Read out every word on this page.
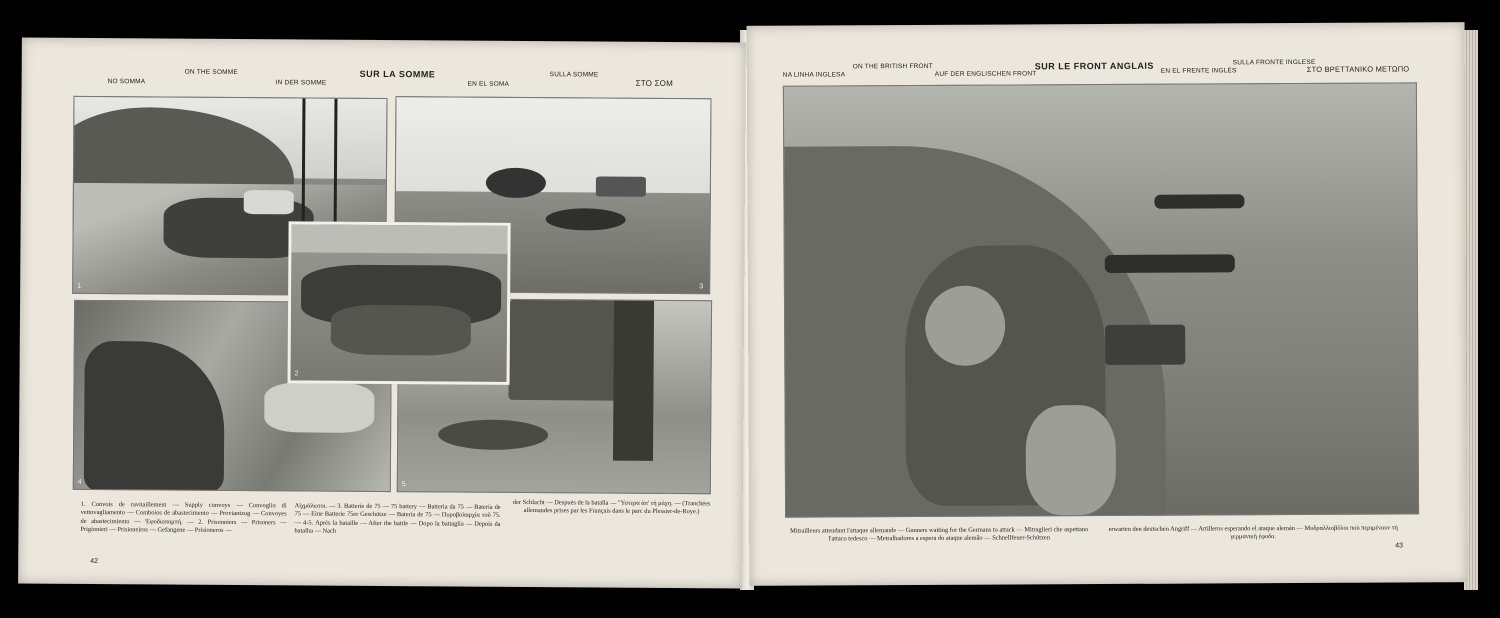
NO SOMMA
ON THE SOMME
IN DER SOMME
SUR LA SOMME
EN EL SOMA
SULLA SOMME
ΣΤΟ ΣΟΜ
1	3
4	5
2
1. Convois de ravitaillement — Supply convoys — Convoglio di vettovagliamento — Comboios de abastecimento — Proviantzug — Convoyes de abastecimiento — 'Εφοδιοπομπή. — 2. Prisonniers — Prisoners — Prigionieri — Prisioneiros — Gefangene — Prisioneros —
Αἰχμάλωτοι. — 3. Batterie de 75 — 75 battery — Batteria da 75 — Bateria de 75 — Eine Batterie 75er Geschütze — Batería de 75 — Πυροβολαρχία τοῦ 75. — 4-5. Après la bataille — After the battle — Dopo la battaglia — Depois da batalha — Nach
der Schlacht — Después de la batalla — "Υστερα ἀπ' τὴ μάχη. — (Tranchées allemandes prises par les Français dans le parc du Plessier-de-Roye.)
42
NA LINHA INGLESA
ON THE BRITISH FRONT
AUF DER ENGLISCHEN FRONT
SUR LE FRONT ANGLAIS EN EL FRENTE INGLÉS
SULLA FRONTE INGLESE
ΣΤΟ ΒΡΕΤΤΑΝΙΚΟ ΜΕΤΩΠΟ
Mitrailleurs attendant l'attaque allemande — Gunners waiting for the Germans to attack — Mitraglieri che aspettano l'attaco tedesco — Metralhadores a espera do ataque alemão — Schnellfeuer-Schützen
erwarten den deutschen Angriff — Artilleros esperando el ataque alemán — Μυδραλλιοβόλοι ποὺ περιμένουν τὴ γερμανικὴ ἐφοδο.
43
